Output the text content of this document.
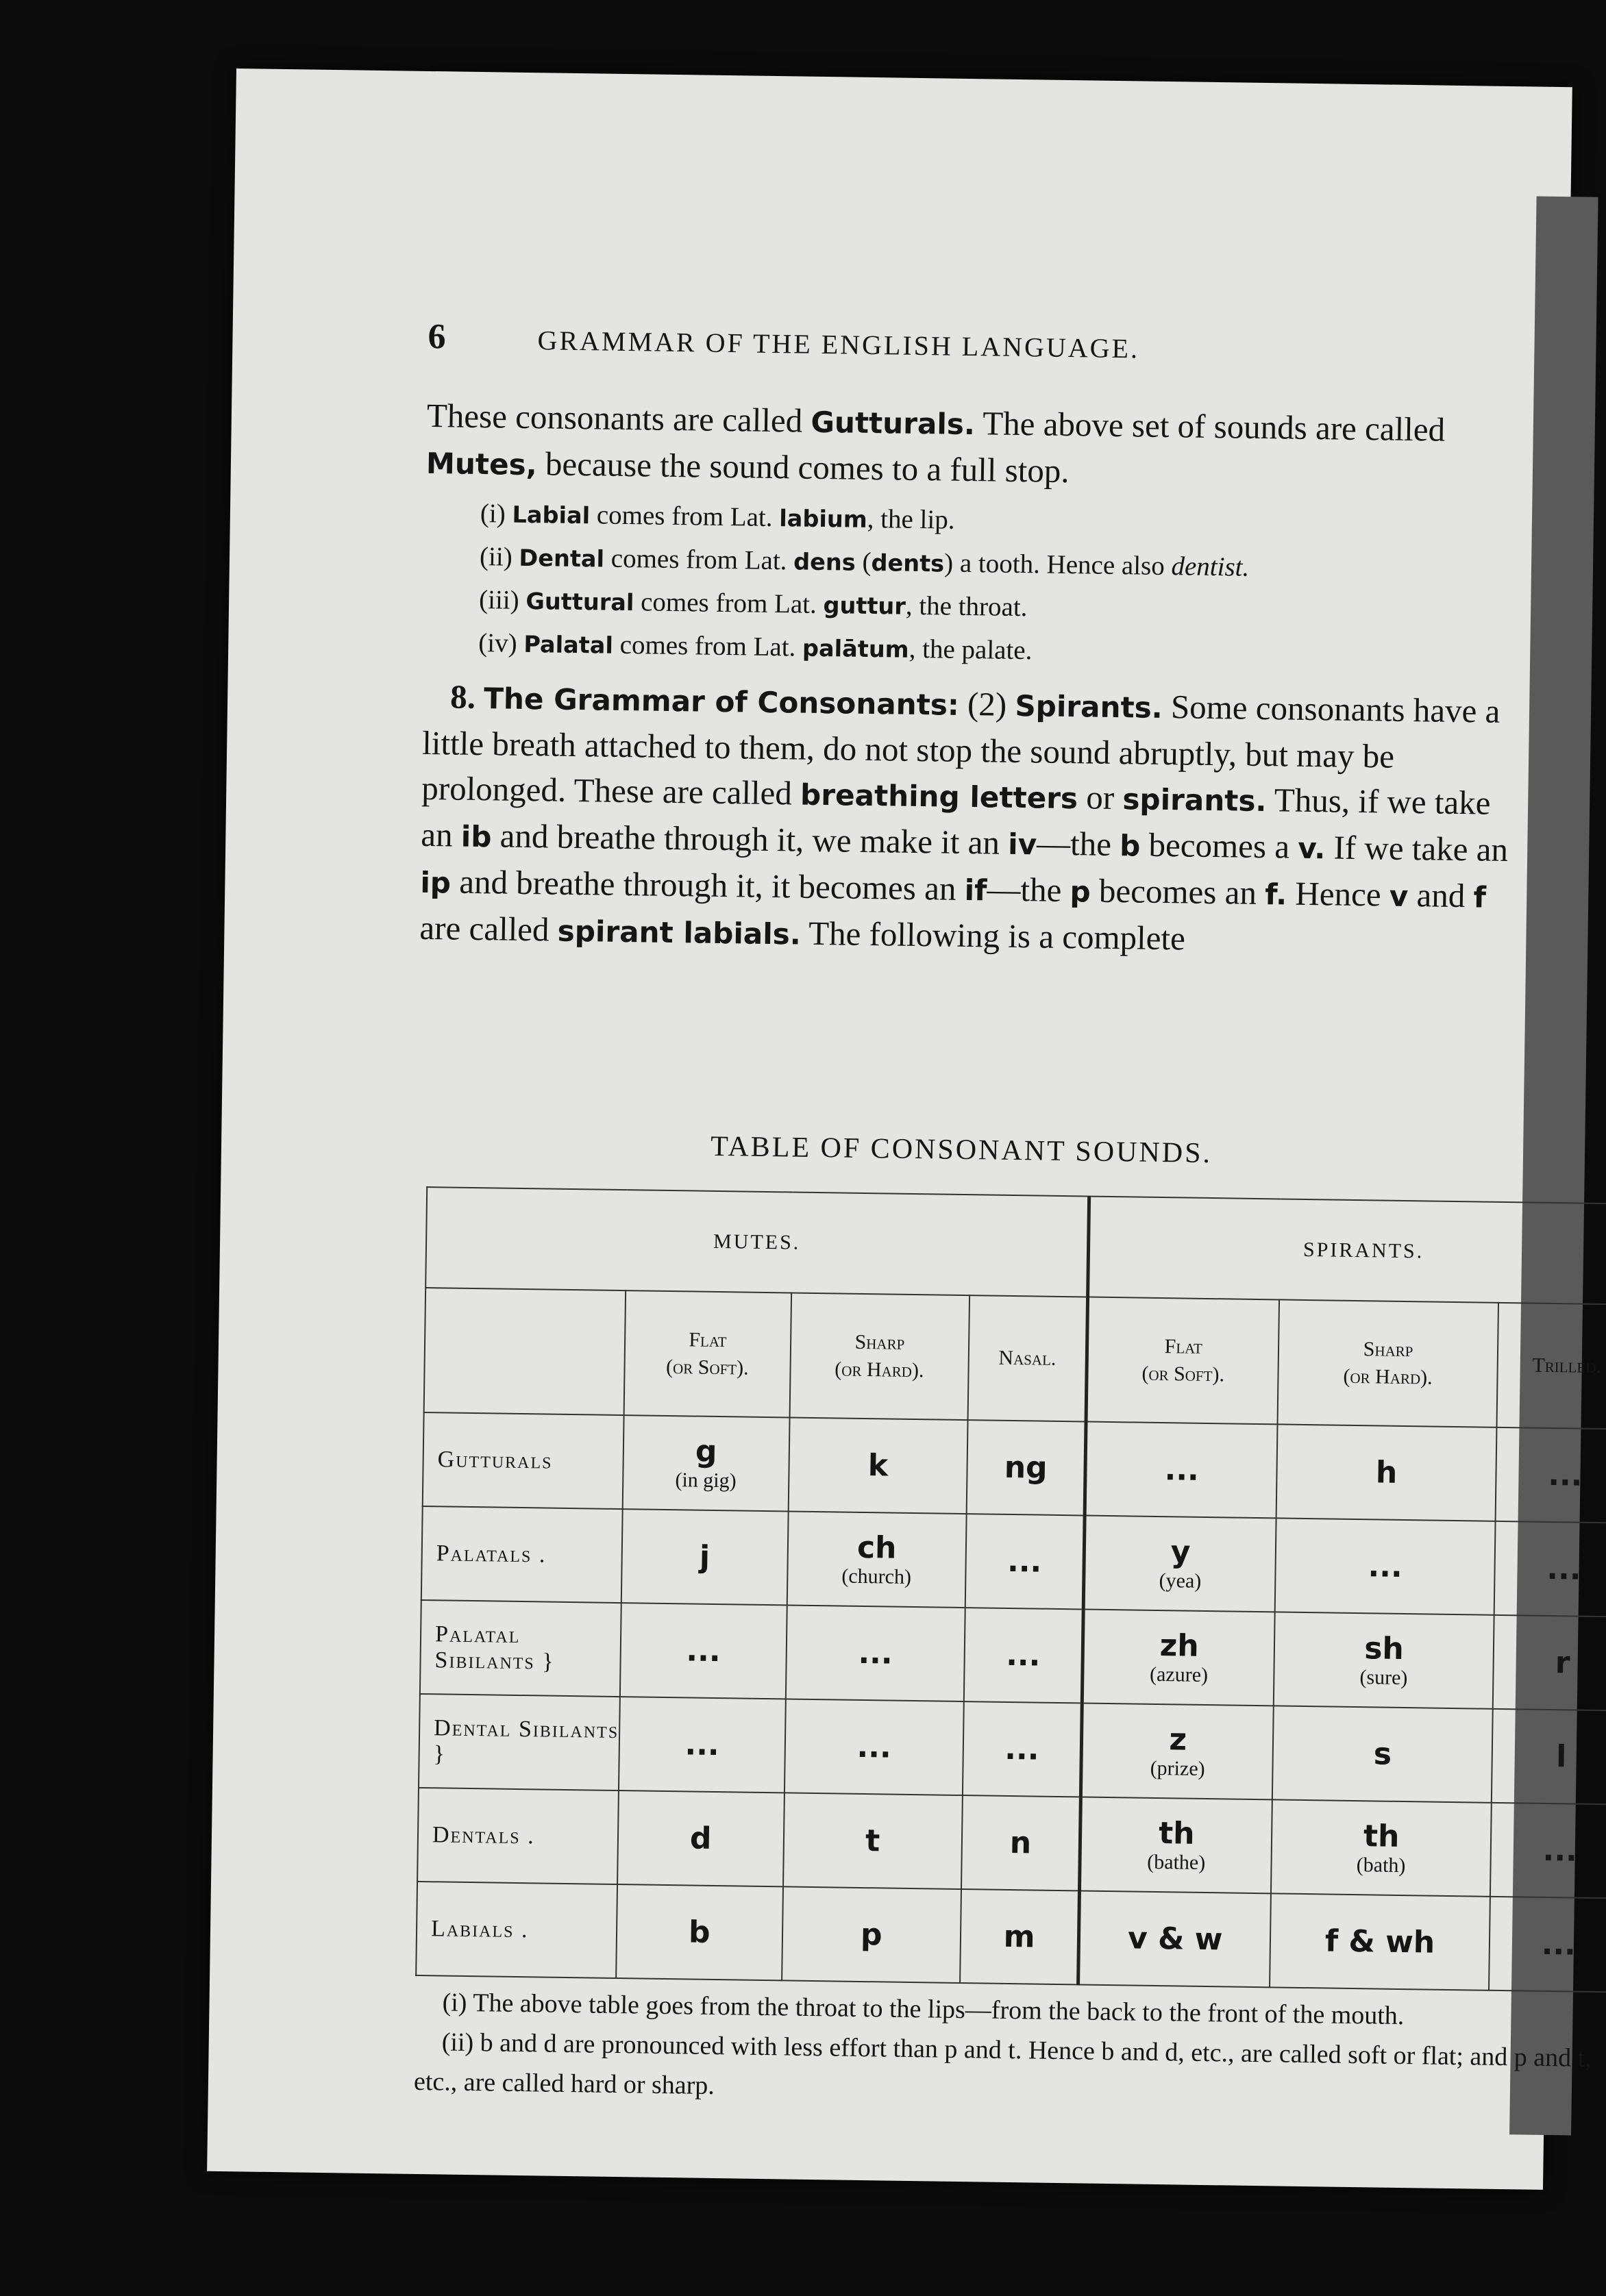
6	GRAMMAR OF THE ENGLISH LANGUAGE.

These consonants are called Gutturals. The above set of sounds are called Mutes, because the sound comes to a full stop.

(i) Labial comes from Lat. labium, the lip.
(ii) Dental comes from Lat. dens (dents) a tooth. Hence also dentist.
(iii) Guttural comes from Lat. guttur, the throat.
(iv) Palatal comes from Lat. palātum, the palate.

8. The Grammar of Consonants: (2) Spirants. Some consonants have a little breath attached to them, do not stop the sound abruptly, but may be prolonged. These are called breathing letters or spirants. Thus, if we take an ib and breathe through it, we make it an iv—the b becomes a v. If we take an ip and breathe through it, it becomes an if—the p becomes an f. Hence v and f are called spirant labials. The following is a complete

TABLE OF CONSONANT SOUNDS.
MUTES.				SPIRANTS.		
	Flat
(or Soft).	Sharp
(or Hard).	Nasal.	Flat
(or Soft).	Sharp
(or Hard).	Trilled.
Gutturals	g
(in gig)	k	ng	...	h	...

Palatals .	j	ch
(church)	...	y
(yea)	...	...

Palatal Sibilants }	...	...	...	zh
(azure)	sh
(sure)	r

Dental Sibilants }	...	...	...	z
(prize)	s	l

Dentals .	d	t	n	th
(bathe)	th
(bath)	...

Labials .	b	p	m	v & w	f & wh	...

(i) The above table goes from the throat to the lips—from the back to the front of the mouth.

(ii) b and d are pronounced with less effort than p and t. Hence b and d, etc., are called soft or flat; and p and t, etc., are called hard or sharp.
